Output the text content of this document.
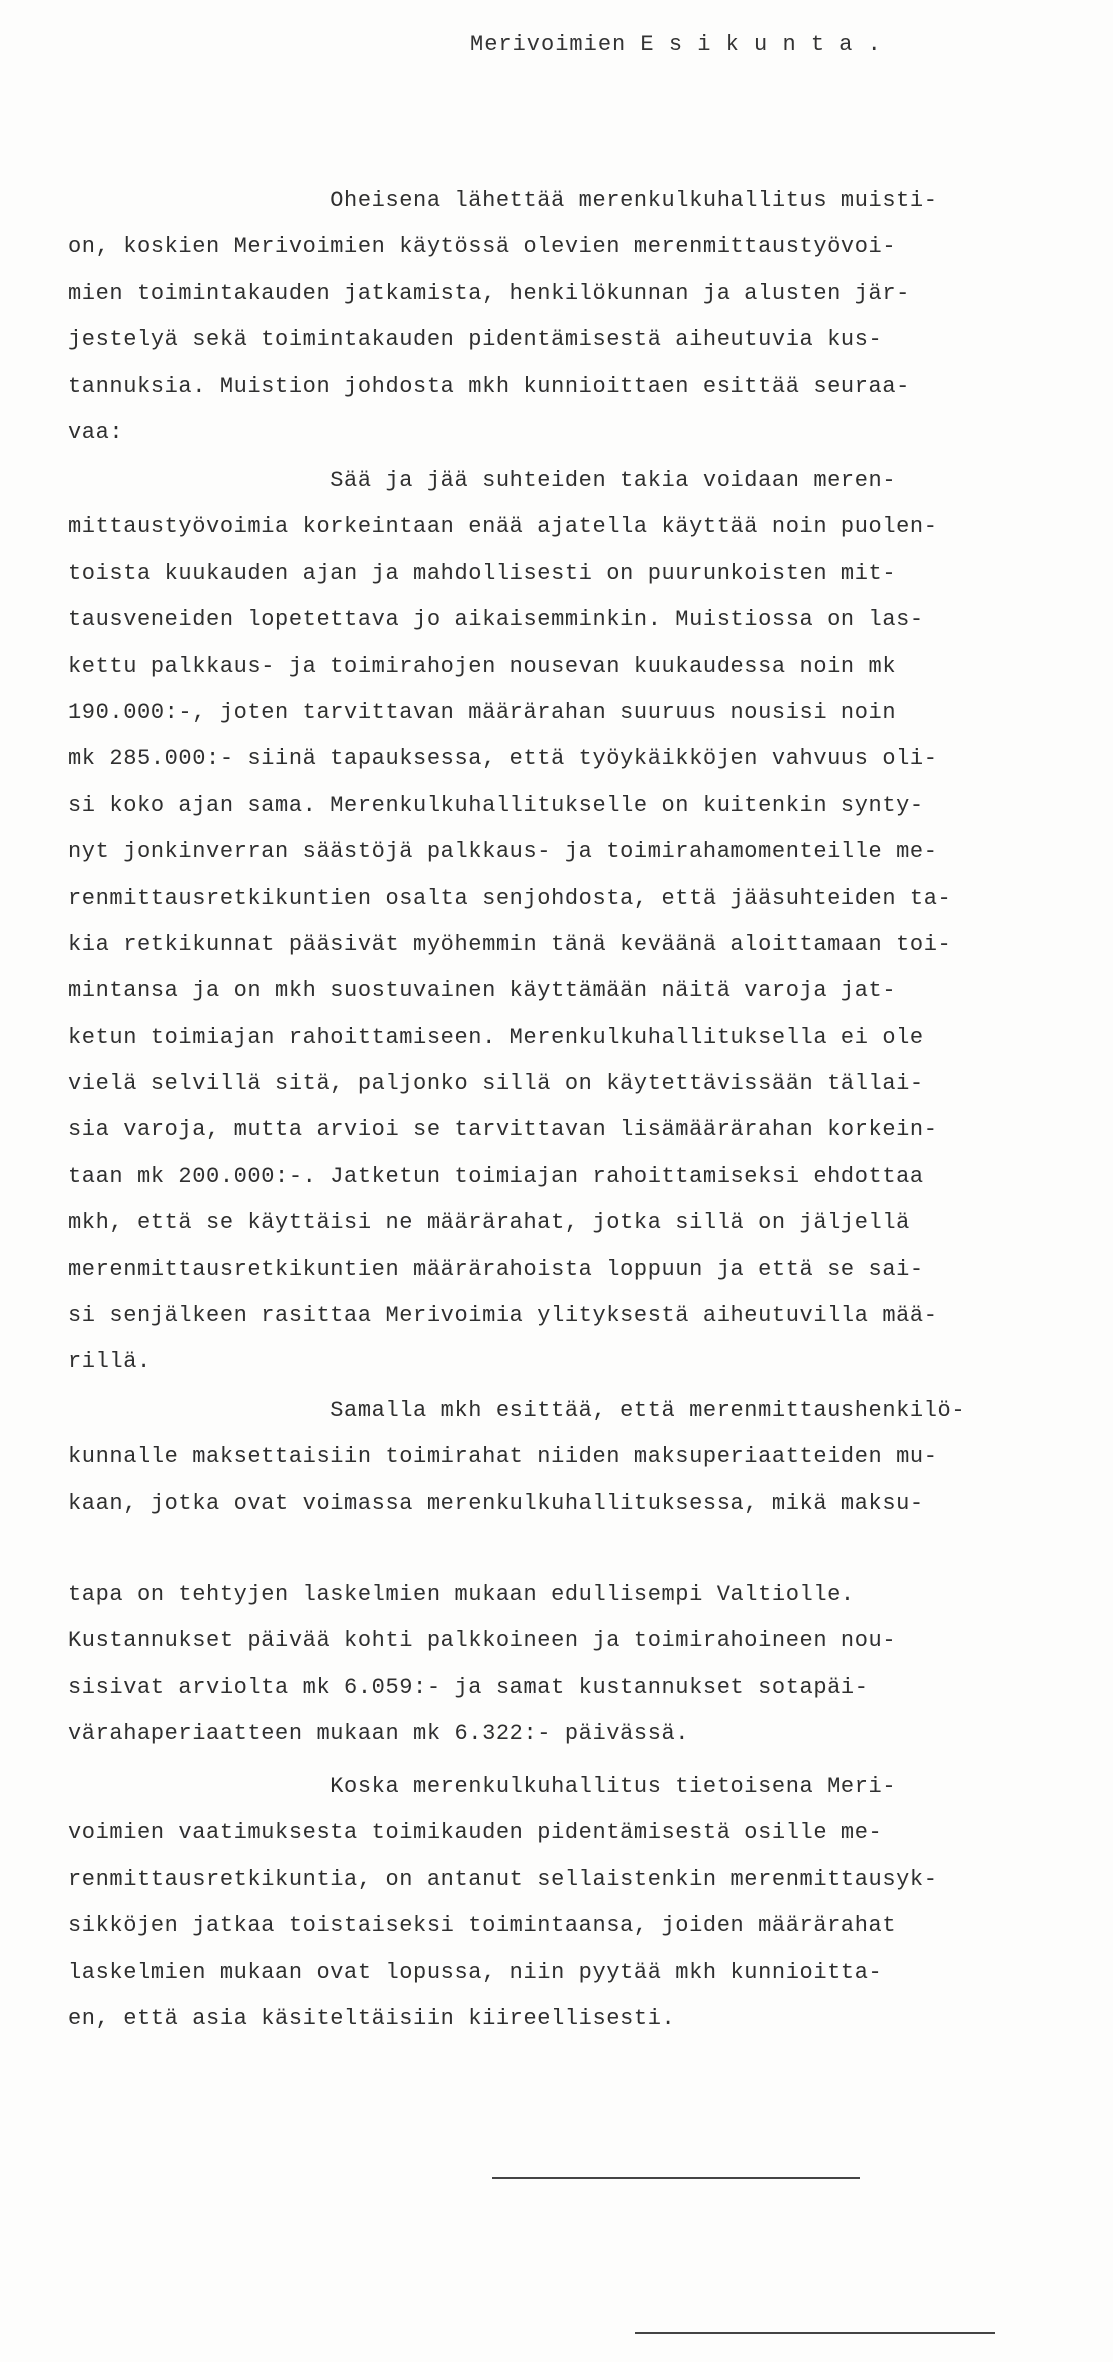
Merivoimien E s i k u n t a .
Oheisena lähettää merenkulkuhallitus muisti-
on, koskien Merivoimien käytössä olevien merenmittaustyövoi-
mien toimintakauden jatkamista, henkilökunnan ja alusten jär-
jestelyä sekä toimintakauden pidentämisestä aiheutuvia kus-
tannuksia. Muistion johdosta mkh kunnioittaen esittää seuraa-
vaa:
Sää ja jää suhteiden takia voidaan meren-
mittaustyövoimia korkeintaan enää ajatella käyttää noin puolen-
toista kuukauden ajan ja mahdollisesti on puurunkoisten mit-
tausveneiden lopetettava jo aikaisemminkin. Muistiossa on las-
kettu palkkaus- ja toimirahojen nousevan kuukaudessa noin mk
190.000:-, joten tarvittavan määrärahan suuruus nousisi noin
mk 285.000:- siinä tapauksessa, että työykäikköjen vahvuus oli-
si koko ajan sama. Merenkulkuhallitukselle on kuitenkin synty-
nyt jonkinverran säästöjä palkkaus- ja toimirahamomenteille me-
renmittausretkikuntien osalta senjohdosta, että jääsuhteiden ta-
kia retkikunnat pääsivät myöhemmin tänä keväänä aloittamaan toi-
mintansa ja on mkh suostuvainen käyttämään näitä varoja jat-
ketun toimiajan rahoittamiseen. Merenkulkuhallituksella ei ole
vielä selvillä sitä, paljonko sillä on käytettävissään tällai-
sia varoja, mutta arvioi se tarvittavan lisämäärärahan korkein-
taan mk 200.000:-. Jatketun toimiajan rahoittamiseksi ehdottaa
mkh, että se käyttäisi ne määrärahat, jotka sillä on jäljellä
merenmittausretkikuntien määrärahoista loppuun ja että se sai-
si senjälkeen rasittaa Merivoimia ylityksestä aiheutuvilla mää-
rillä.
Samalla mkh esittää, että merenmittaushenkilö-
kunnalle maksettaisiin toimirahat niiden maksuperiaatteiden mu-
kaan, jotka ovat voimassa merenkulkuhallituksessa, mikä maksu-
tapa on tehtyjen laskelmien mukaan edullisempi Valtiolle.
Kustannukset päivää kohti palkkoineen ja toimirahoineen nou-
sisivat arviolta mk 6.059:- ja samat kustannukset sotapäi-
värahaperiaatteen mukaan mk 6.322:- päivässä.
Koska merenkulkuhallitus tietoisena Meri-
voimien vaatimuksesta toimikauden pidentämisestä osille me-
renmittausretkikuntia, on antanut sellaistenkin merenmittausyk-
sikköjen jatkaa toistaiseksi toimintaansa, joiden määrärahat
laskelmien mukaan ovat lopussa, niin pyytää mkh kunnioitta-
en, että asia käsiteltäisiin kiireellisesti.
